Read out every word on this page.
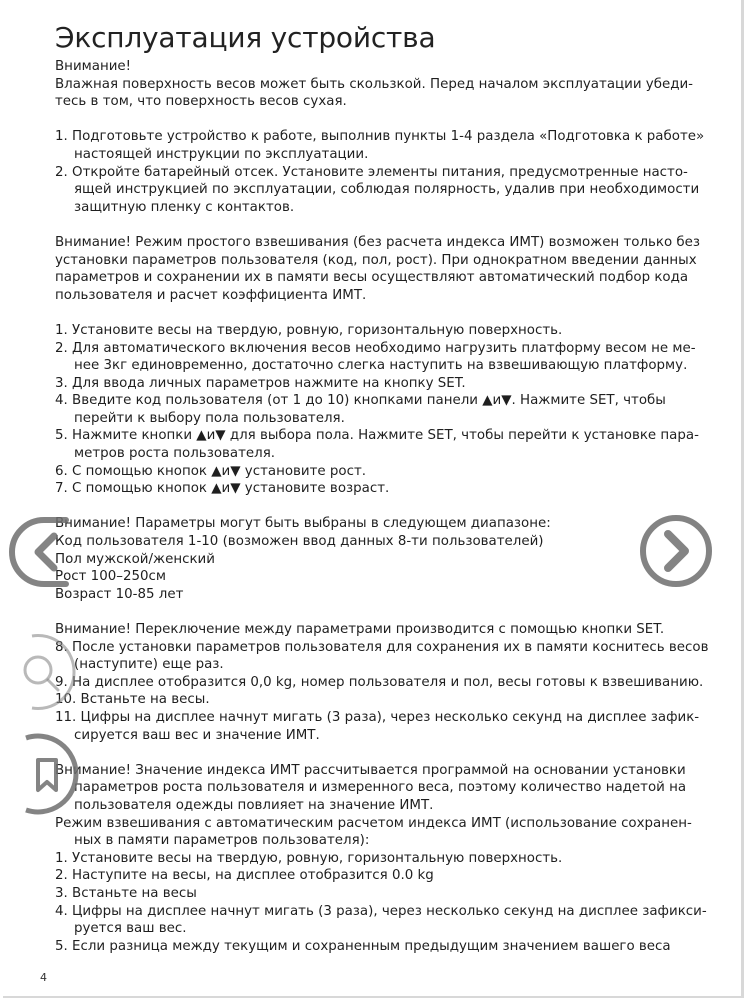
Эксплуатация устройства
Внимание!
Влажная поверхность весов может быть скользкой. Перед началом эксплуатации убеди-
тесь в том, что поверхность весов сухая.
1. Подготовьте устройство к работе, выполнив пункты 1-4 раздела «Подготовка к работе»
настоящей инструкции по эксплуатации.
2. Откройте батарейный отсек. Установите элементы питания, предусмотренные насто-
ящей инструкцией по эксплуатации, соблюдая полярность, удалив при необходимости
защитную пленку с контактов.
Внимание! Режим простого взвешивания (без расчета индекса ИМТ) возможен только без
установки параметров пользователя (код, пол, рост). При однократном введении данных
параметров и сохранении их в памяти весы осуществляют автоматический подбор кода
пользователя и расчет коэффициента ИМТ.
1. Установите весы на твердую, ровную, горизонтальную поверхность.
2. Для автоматического включения весов необходимо нагрузить платформу весом не ме-
нее 3кг единовременно, достаточно слегка наступить на взвешивающую платформу.
3. Для ввода личных параметров нажмите на кнопку SET.
4. Введите код пользователя (от 1 до 10) кнопками панели ▲и▼. Нажмите SET, чтобы
перейти к выбору пола пользователя.
5. Нажмите кнопки ▲и▼ для выбора пола. Нажмите SET, чтобы перейти к установке пара-
метров роста пользователя.
6. С помощью кнопок ▲и▼ установите рост.
7. С помощью кнопок ▲и▼ установите возраст.
Внимание! Параметры могут быть выбраны в следующем диапазоне:
Код пользователя 1-10 (возможен ввод данных 8-ти пользователей)
Пол мужской/женский
Рост 100–250см
Возраст 10-85 лет
Внимание! Переключение между параметрами производится с помощью кнопки SET.
8. После установки параметров пользователя для сохранения их в памяти коснитесь весов
(наступите) еще раз.
9. На дисплее отобразится 0,0 kg, номер пользователя и пол, весы готовы к взвешиванию.
10. Встаньте на весы.
11. Цифры на дисплее начнут мигать (3 раза), через несколько секунд на дисплее зафик-
сируется ваш вес и значение ИМТ.
Внимание! Значение индекса ИМТ рассчитывается программой на основании установки
параметров роста пользователя и измеренного веса, поэтому количество надетой на
пользователя одежды повлияет на значение ИМТ.
Режим взвешивания с автоматическим расчетом индекса ИМТ (использование сохранен-
ных в памяти параметров пользователя):
1. Установите весы на твердую, ровную, горизонтальную поверхность.
2. Наступите на весы, на дисплее отобразится 0.0 kg
3. Встаньте на весы
4. Цифры на дисплее начнут мигать (3 раза), через несколько секунд на дисплее зафикси-
руется ваш вес.
5. Если разница между текущим и сохраненным предыдущим значением вашего веса
4
